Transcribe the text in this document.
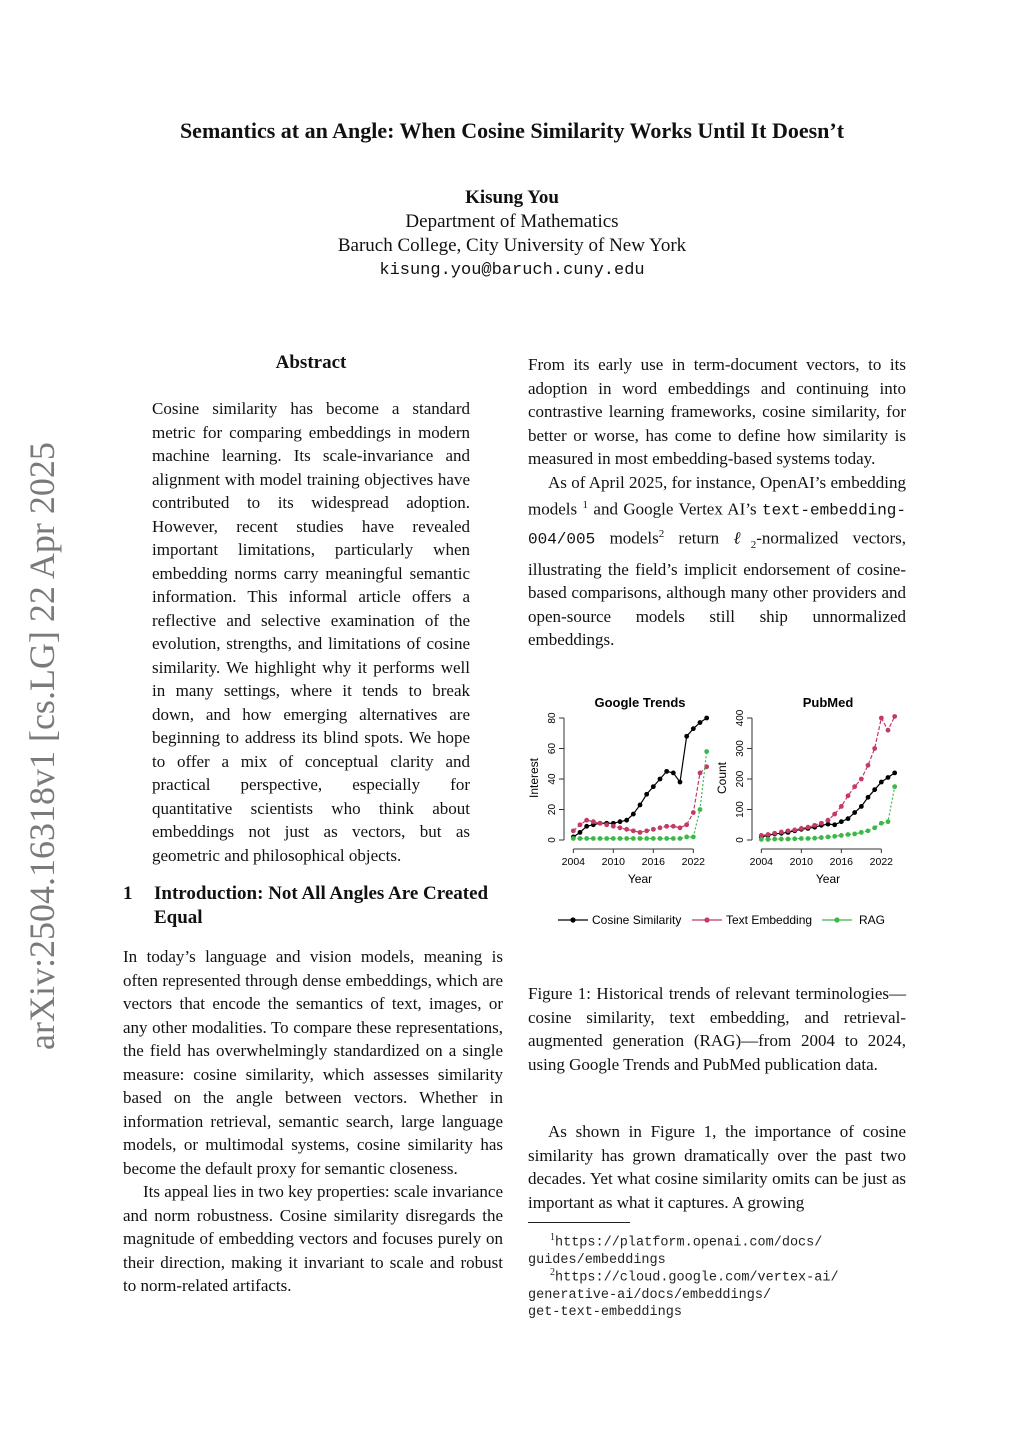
arXiv:2504.16318v1 [cs.LG] 22 Apr 2025
Semantics at an Angle: When Cosine Similarity Works Until It Doesn’t
Kisung You
Department of Mathematics
Baruch College, City University of New York
kisung.you@baruch.cuny.edu
Abstract

Cosine similarity has become a standard metric for comparing embeddings in modern machine learning. Its scale-invariance and alignment with model training objectives have contributed to its widespread adoption. However, recent studies have revealed important limitations, particularly when embedding norms carry meaningful semantic information. This informal article offers a reflective and selective examination of the evolution, strengths, and limitations of cosine similarity. We highlight why it performs well in many settings, where it tends to break down, and how emerging alternatives are beginning to address its blind spots. We hope to offer a mix of conceptual clarity and practical perspective, especially for quantitative scientists who think about embeddings not just as vectors, but as geometric and philosophical objects.

1 Introduction: Not All Angles Are Created Equal

In today’s language and vision models, meaning is often represented through dense embeddings, which are vectors that encode the semantics of text, images, or any other modalities. To compare these representations, the field has overwhelmingly standardized on a single measure: cosine similarity, which assesses similarity based on the angle between vectors. Whether in information retrieval, semantic search, large language models, or multimodal systems, cosine similarity has become the default proxy for semantic closeness.

Its appeal lies in two key properties: scale invariance and norm robustness. Cosine similarity disregards the magnitude of embedding vectors and focuses purely on their direction, making it invariant to scale and robust to norm-related artifacts.

From its early use in term-document vectors, to its adoption in word embeddings and continuing into contrastive learning frameworks, cosine similarity, for better or worse, has come to define how similarity is measured in most embedding-based systems today.

As of April 2025, for instance, OpenAI’s embedding models $^1$ and Google Vertex AI’s text-embedding-004/005 models$^2$ return ℓ$_2$-normalized vectors, illustrating the field’s implicit endorsement of cosine-based comparisons, although many other providers and open-source models still ship unnormalized embeddings.

Google Trends
0
20
40
60
80
2004 2010 2016 2022
Year
Interest
PubMed
0
100
200
300
400
2004 2010 2016 2022
Year
Count
Cosine Similarity	Text Embedding	RAG

Figure 1: Historical trends of relevant terminologies—cosine similarity, text embedding, and retrieval-augmented generation (RAG)—from 2004 to 2024, using Google Trends and PubMed publication data.

As shown in Figure 1, the importance of cosine similarity has grown dramatically over the past two decades. Yet what cosine similarity omits can be just as important as what it captures. A growing

$^1$https://platform.openai.com/docs/
guides/embeddings
$^2$https://cloud.google.com/vertex-ai/
generative-ai/docs/embeddings/
get-text-embeddings
